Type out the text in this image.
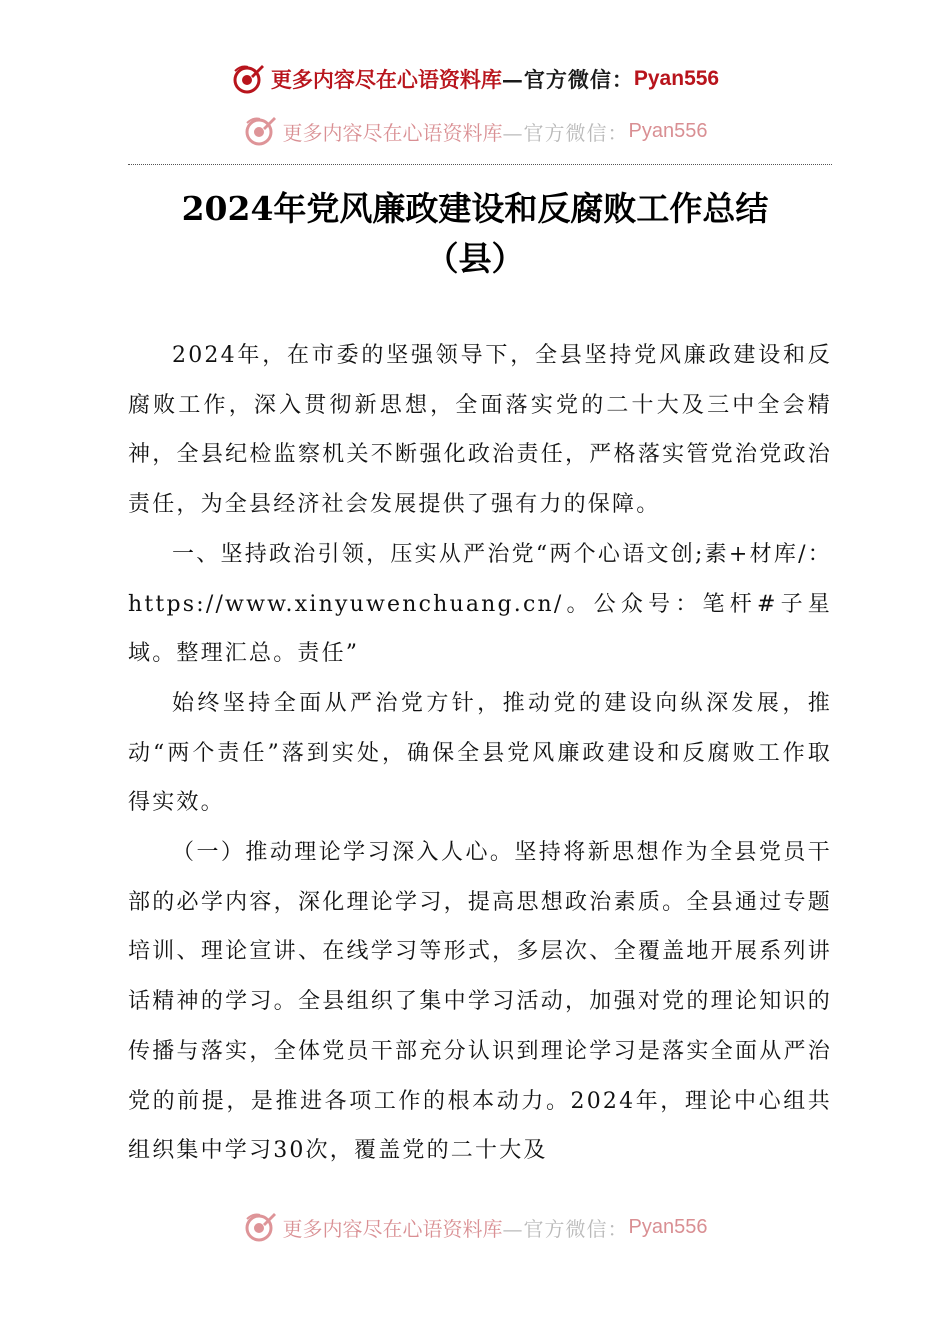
更多内容尽在心语资料库 —官方微信： Pyan556
更多内容尽在心语资料库 —官方微信： Pyan556
2024年党风廉政建设和反腐败工作总结
（县）

2024年，在市委的坚强领导下，全县坚持党风廉政建设和反腐败工作，深入贯彻新思想，全面落实党的二十大及三中全会精神，全县纪检监察机关不断强化政治责任，严格落实管党治党政治责任，为全县经济社会发展提供了强有力的保障。

一、坚持政治引领，压实从严治党“两个心语文创;素+材库/：https://www.xinyuwenchuang.cn/。公众号：笔杆#子星域。整理汇总。责任”

始终坚持全面从严治党方针，推动党的建设向纵深发展，推动“两个责任”落到实处，确保全县党风廉政建设和反腐败工作取得实效。

（一）推动理论学习深入人心。坚持将新思想作为全县党员干部的必学内容，深化理论学习，提高思想政治素质。全县通过专题培训、理论宣讲、在线学习等形式，多层次、全覆盖地开展系列讲话精神的学习。全县组织了集中学习活动，加强对党的理论知识的传播与落实，全体党员干部充分认识到理论学习是落实全面从严治党的前提，是推进各项工作的根本动力。2024年，理论中心组共组织集中学习30次，覆盖党的二十大及

更多内容尽在心语资料库 —官方微信： Pyan556
